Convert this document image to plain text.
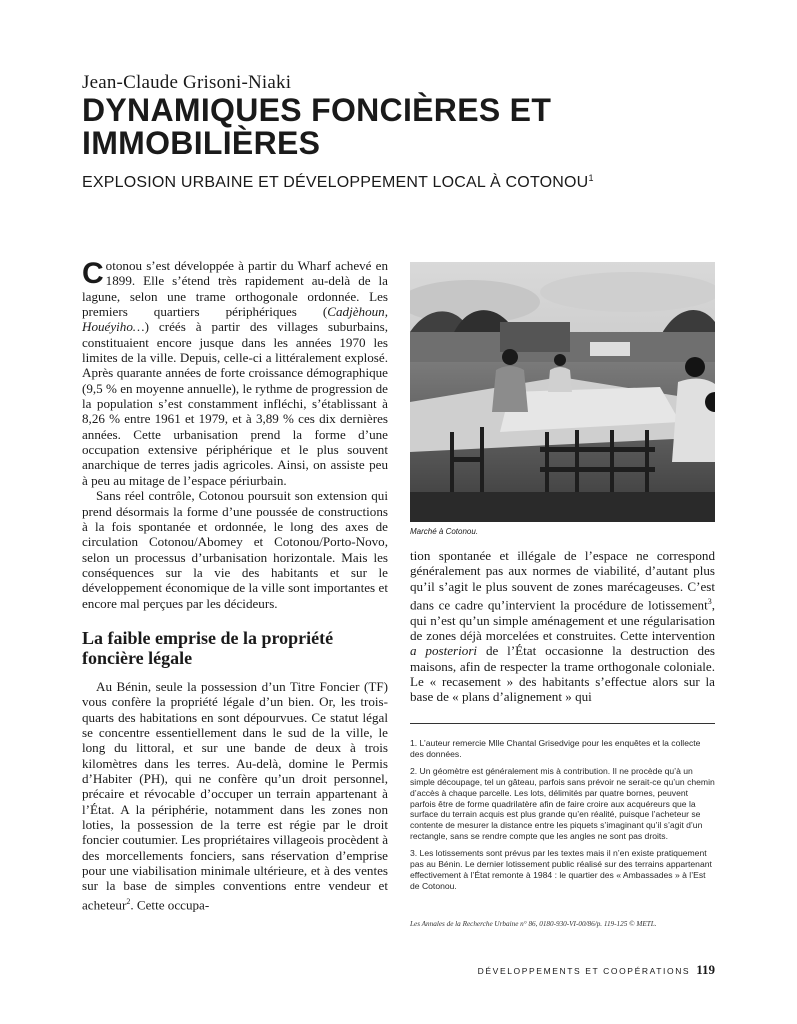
Jean-Claude Grisoni-Niaki
DYNAMIQUES FONCIÈRES ET IMMOBILIÈRES
EXPLOSION URBAINE ET DÉVELOPPEMENT LOCAL À COTONOU$^1$

Cotonou s’est développée à partir du Wharf achevé en 1899. Elle s’étend très rapidement au-delà de la lagune, selon une trame orthogonale ordonnée. Les premiers quartiers périphériques (Cadjèhoun, Houéyiho…) créés à partir des villages suburbains, constituaient encore jusque dans les années 1970 les limites de la ville. Depuis, celle-ci a littéralement explosé. Après quarante années de forte croissance démographique (9,5 % en moyenne annuelle), le rythme de progression de la population s’est constamment infléchi, s’établissant à 8,26 % entre 1961 et 1979, et à 3,89 % ces dix dernières années. Cette urbanisation prend la forme d’une occupation extensive périphérique et le plus souvent anarchique de terres jadis agricoles. Ainsi, on assiste peu à peu au mitage de l’espace périurbain.

Sans réel contrôle, Cotonou poursuit son extension qui prend désormais la forme d’une poussée de constructions à la fois spontanée et ordonnée, le long des axes de circulation Cotonou/Abomey et Cotonou/Porto-Novo, selon un processus d’urbanisation horizontale. Mais les conséquences sur la vie des habitants et sur le développement économique de la ville sont importantes et encore mal perçues par les décideurs.

La faible emprise de la propriété foncière légale

Au Bénin, seule la possession d’un Titre Foncier (TF) vous confère la propriété légale d’un bien. Or, les trois-quarts des habitations en sont dépourvues. Ce statut légal se concentre essentiellement dans le sud de la ville, le long du littoral, et sur une bande de deux à trois kilomètres dans les terres. Au-delà, domine le Permis d’Habiter (PH), qui ne confère qu’un droit personnel, précaire et révocable d’occuper un terrain appartenant à l’État. A la périphérie, notamment dans les zones non loties, la possession de la terre est régie par le droit foncier coutumier. Les propriétaires villageois procèdent à des morcellements fonciers, sans réservation d’emprise pour une viabilisation minimale ultérieure, et à des ventes sur la base de simples conventions entre vendeur et acheteur$^2$. Cette occupa-

Marché à Cotonou.

tion spontanée et illégale de l’espace ne correspond généralement pas aux normes de viabilité, d’autant plus qu’il s’agit le plus souvent de zones marécageuses. C’est dans ce cadre qu’intervient la procédure de lotissement$^3$, qui n’est qu’un simple aménagement et une régularisation de zones déjà morcelées et construites. Cette intervention a posteriori de l’État occasionne la destruction des maisons, afin de respecter la trame orthogonale coloniale. Le « recasement » des habitants s’effectue alors sur la base de « plans d’alignement » qui

1. L’auteur remercie Mlle Chantal Grisedvige pour les enquêtes et la collecte des données.

2. Un géomètre est généralement mis à contribution. Il ne procède qu’à un simple découpage, tel un gâteau, parfois sans prévoir ne serait-ce qu’un chemin d’accès à chaque parcelle. Les lots, délimités par quatre bornes, peuvent parfois être de forme quadrilatère afin de faire croire aux acquéreurs que la surface du terrain acquis est plus grande qu’en réalité, puisque l’acheteur se contente de mesurer la distance entre les piquets s’imaginant qu’il s’agit d’un rectangle, sans se rendre compte que les angles ne sont pas droits.

3. Les lotissements sont prévus par les textes mais il n’en existe pratiquement pas au Bénin. Le dernier lotissement public réalisé sur des terrains appartenant effectivement à l’État remonte à 1984 : le quartier des « Ambassades » à l’Est de Cotonou.

Les Annales de la Recherche Urbaine n° 86, 0180-930-VI-00/86/p. 119-125 © METL.
DÉVELOPPEMENTS ET COOPÉRATIONS 119
